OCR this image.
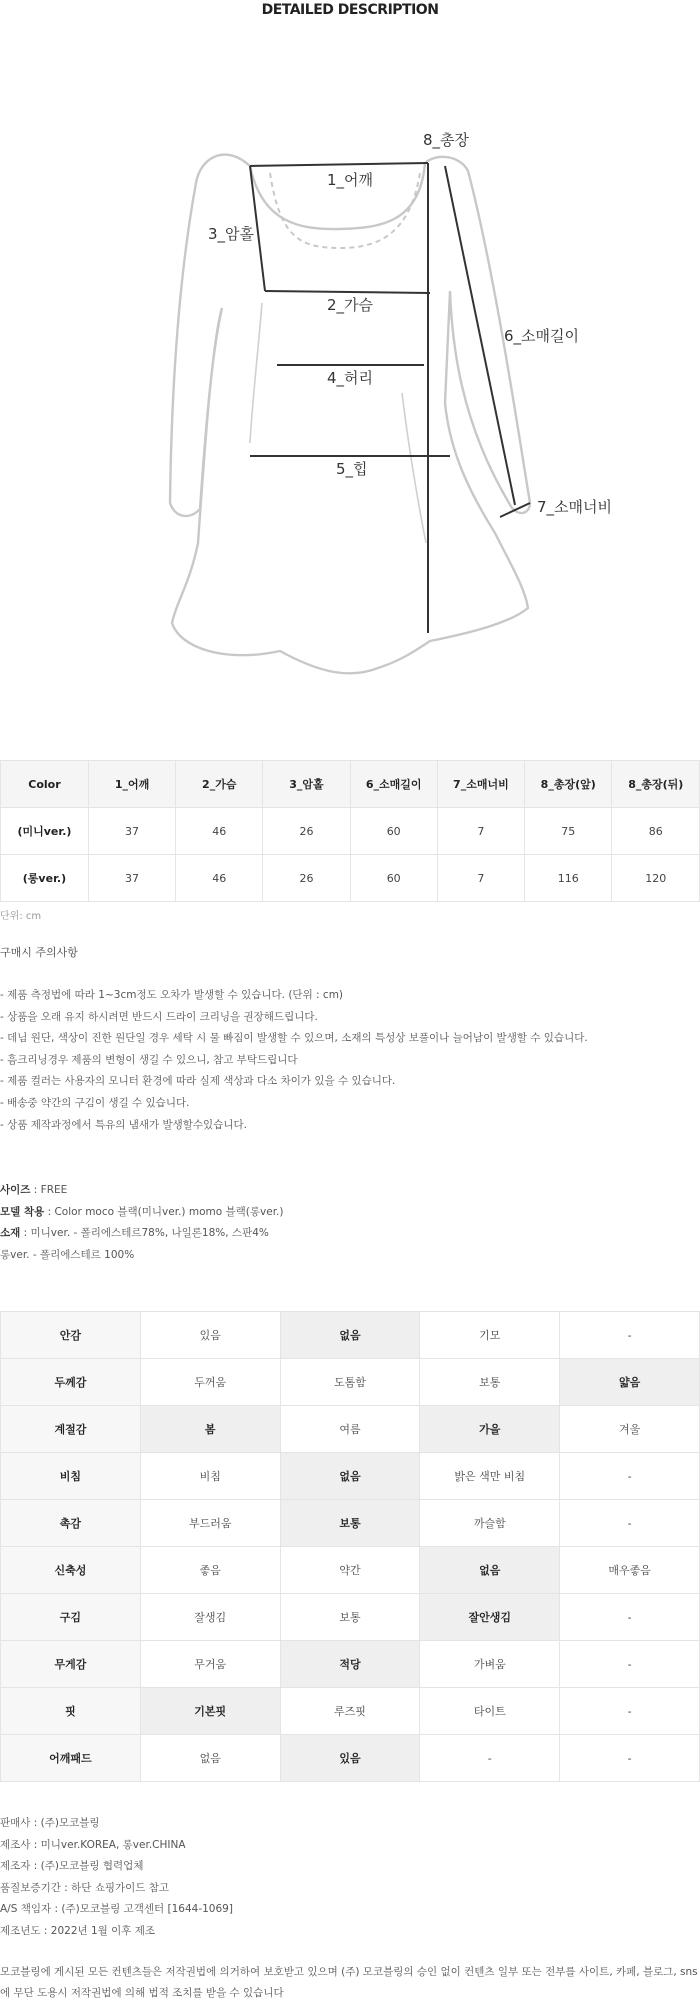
DETAILED DESCRIPTION
8_총장
1_어깨
3_암홀
2_가슴
6_소매길이
4_허리
5_힙
7_소매너비
Color	1_어깨	2_가슴	3_암홀	6_소매길이	7_소매너비	8_총장(앞)	8_총장(뒤)
(미니ver.)	37	46	26	60	7	75	86
(롱ver.)	37	46	26	60	7	116	120
단위: cm
구매시 주의사항
- 제품 측정법에 따라 1~3cm정도 오차가 발생할 수 있습니다. (단위 : cm)
- 상품을 오래 유지 하시려면 반드시 드라이 크리닝을 권장해드립니다.
- 데님 원단, 색상이 진한 원단일 경우 세탁 시 물 빠짐이 발생할 수 있으며, 소재의 특성상 보풀이나 늘어남이 발생할 수 있습니다.
- 흠크리닝경우 제품의 변형이 생길 수 있으니, 참고 부탁드립니다
- 제품 컬러는 사용자의 모니터 환경에 따라 실제 색상과 다소 차이가 있을 수 있습니다.
- 배송중 약간의 구김이 생길 수 있습니다.
- 상품 제작과정에서 특유의 냄새가 발생할수있습니다.
사이즈 : FREE
모델 착용 : Color moco 블랙(미니ver.) momo 블랙(롱ver.)
소재 : 미니ver. - 폴리에스테르78%, 나일론18%, 스판4%
롱ver. - 폴리에스테르 100%
안감	있음	없음	기모	-
두께감	두꺼움	도톰함	보통	얇음
계절감	봄	여름	가을	겨울
비침	비침	없음	밝은 색만 비침	-
촉감	부드러움	보통	까슬함	-
신축성	좋음	약간	없음	매우좋음
구김	잘생김	보통	잘안생김	-
무게감	무거움	적당	가벼움	-
핏	기본핏	루즈핏	타이트	-
어깨패드	없음	있음	-	-
판매사 : (주)모코블링
제조사 : 미니ver.KOREA, 롱ver.CHINA
제조자 : (주)모코블링 협력업체
품질보증기간 : 하단 쇼핑가이드 참고
A/S 책임자 : (주)모코블링 고객센터 [1644-1069]
제조년도 : 2022년 1월 이후 제조
모코블링에 게시된 모든 컨텐츠들은 저작권법에 의거하여 보호받고 있으며 (주) 모코블링의 승인 없이 컨텐츠 일부 또는 전부를 사이트, 카페, 블로그, sns에 무단 도용시 저작권법에 의해 법적 조치를 받을 수 있습니다
